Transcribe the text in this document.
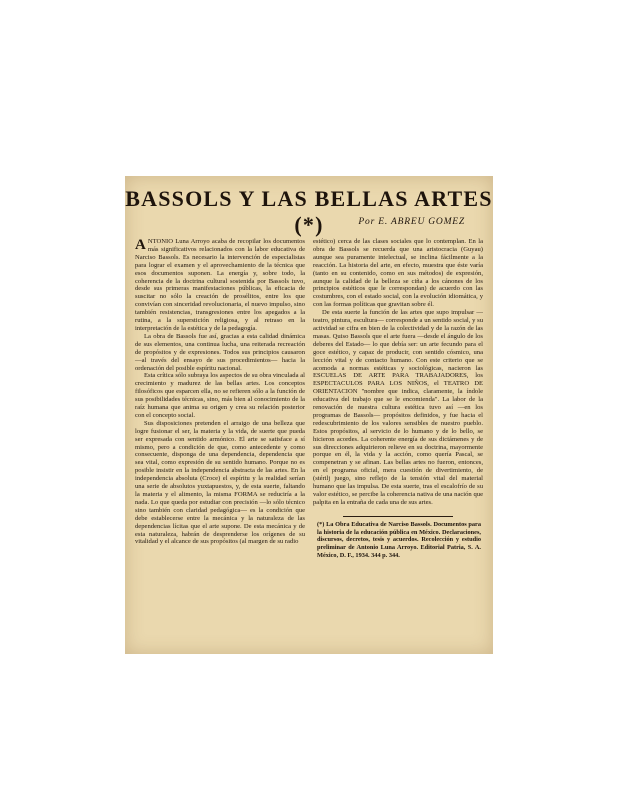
BASSOLS Y LAS BELLAS ARTES (*)	Por E. ABREU GOMEZ

ANTONIO Luna Arroyo acaba de recopilar los documentos más significativos relacionados con la labor educativa de Narciso Bassols. Es necesario la intervención de especialistas para lograr el examen y el aprovechamiento de la técnica que esos documentos suponen. La energía y, sobre todo, la coherencia de la doctrina cultural sostenida por Bassols tuvo, desde sus primeras manifestaciones públicas, la eficacia de suscitar no sólo la creación de prosélitos, entre los que convivían con sinceridad revolucionaria, el nuevo impulso, sino también resistencias, transgresiones entre los apegados a la rutina, a la superstición religiosa, y al retraso en la interpretación de la estética y de la pedagogía.

La obra de Bassols fue así, gracias a esta calidad dinámica de sus elementos, una continua lucha, una reiterada recreación de propósitos y de expresiones. Todos sus principios causaron —al través del ensayo de sus procedimientos— hacia la ordenación del posible espíritu nacional.

Esta crítica sólo subraya los aspectos de su obra vinculada al crecimiento y madurez de las bellas artes. Los conceptos filosóficos que esparcen ella, no se refieren sólo a la función de sus posibilidades técnicas, sino, más bien al conocimiento de la raíz humana que anima su origen y crea su relación posterior con el concepto social.

Sus disposiciones pretenden el arraigo de una belleza que logre fusionar el ser, la materia y la vida, de suerte que pueda ser expresada con sentido armónico. El arte se satisface a sí mismo, pero a condición de que, como antecedente y como consecuente, disponga de una dependencia, dependencia que sea vital, como expresión de su sentido humano. Porque no es posible insistir en la independencia abstracta de las artes. En la independencia absoluta (Croce) el espíritu y la realidad serían una serie de absolutos yuxtapuestos, y, de esta suerte, faltando la materia y el alimento, la misma FORMA se reduciría a la nada. Lo que queda por estudiar con precisión —lo sólo técnico sino también con claridad pedagógica— es la condición que debe establecerse entre la mecánica y la naturaleza de las dependencias lícitas que el arte supone. De esta mecánica y de esta naturaleza, habrán de desprenderse los orígenes de su vitalidad y el alcance de sus propósitos (al margen de su radio

estético) cerca de las clases sociales que lo contemplan. En la obra de Bassols se recuerda que una aristocracia (Guyau) aunque sea puramente intelectual, se inclina fácilmente a la reacción. La historia del arte, en efecto, muestra que éste varía (tanto en su contenido, como en sus métodos) de expresión, aunque la calidad de la belleza se ciña a los cánones de los principios estéticos que le correspondan) de acuerdo con las costumbres, con el estado social, con la evolución idiomática, y con las formas políticas que gravitan sobre él.

De esta suerte la función de las artes que supo impulsar —teatro, pintura, escultura— corresponde a un sentido social, y su actividad se cifra en bien de la colectividad y de la razón de las masas. Quiso Bassols que el arte fuera —desde el ángulo de los deberes del Estado— lo que debía ser: un arte fecundo para el goce estético, y capaz de producir, con sentido cósmico, una lección vital y de contacto humano. Con este criterio que se acomoda a normas estéticas y sociológicas, nacieron las ESCUELAS DE ARTE PARA TRABAJADORES, los ESPECTACULOS PARA LOS NIÑOS, el TEATRO DE ORIENTACION "nombre que indica, claramente, la índole educativa del trabajo que se le encomienda". La labor de la renovación de nuestra cultura estética tuvo así —en los programas de Bassols— propósitos definidos, y fue hacia el redescubrimiento de los valores sensibles de nuestro pueblo. Estos propósitos, al servicio de lo humano y de lo bello, se hicieron acordes. La coherente energía de sus dictámenes y de sus direcciones adquirieron relieve en su doctrina, mayormente porque en él, la vida y la acción, como quería Pascal, se compenetran y se afinan. Las bellas artes no fueron, entonces, en el programa oficial, mera cuestión de divertimiento, de (stérilj juego, sino reflejo de la tensión vital del material humano que las impulsa. De esta suerte, tras el escalofrío de su valor estético, se percibe la coherencia nativa de una nación que palpita en la entraña de cada una de sus artes.

(*) La Obra Educativa de Narciso Bassols. Documentos para la historia de la educación pública en México. Declaraciones, discursos, decretos, tesis y acuerdos. Recolección y estudio preliminar de Antonio Luna Arroyo. Editorial Patria, S. A. México, D. F., 1934. 344 p. 344.
